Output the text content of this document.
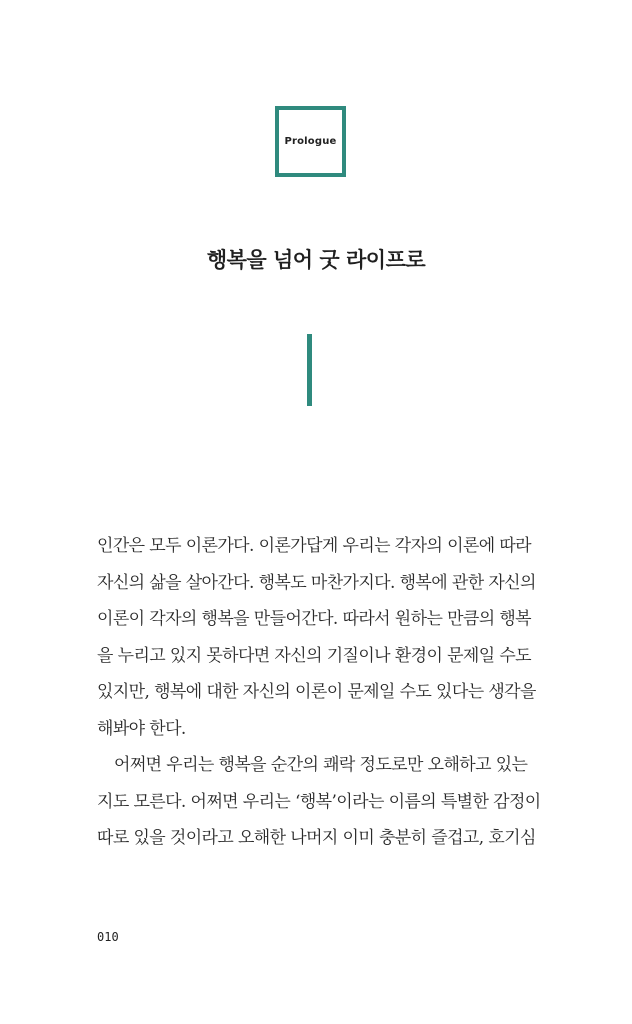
Prologue
행복을 넘어 굿 라이프로
인간은 모두 이론가다. 이론가답게 우리는 각자의 이론에 따라
자신의 삶을 살아간다. 행복도 마찬가지다. 행복에 관한 자신의
이론이 각자의 행복을 만들어간다. 따라서 원하는 만큼의 행복
을 누리고 있지 못하다면 자신의 기질이나 환경이 문제일 수도
있지만, 행복에 대한 자신의 이론이 문제일 수도 있다는 생각을
해봐야 한다.
어쩌면 우리는 행복을 순간의 쾌락 정도로만 오해하고 있는
지도 모른다. 어쩌면 우리는 ‘행복’이라는 이름의 특별한 감정이
따로 있을 것이라고 오해한 나머지 이미 충분히 즐겁고, 호기심
010
